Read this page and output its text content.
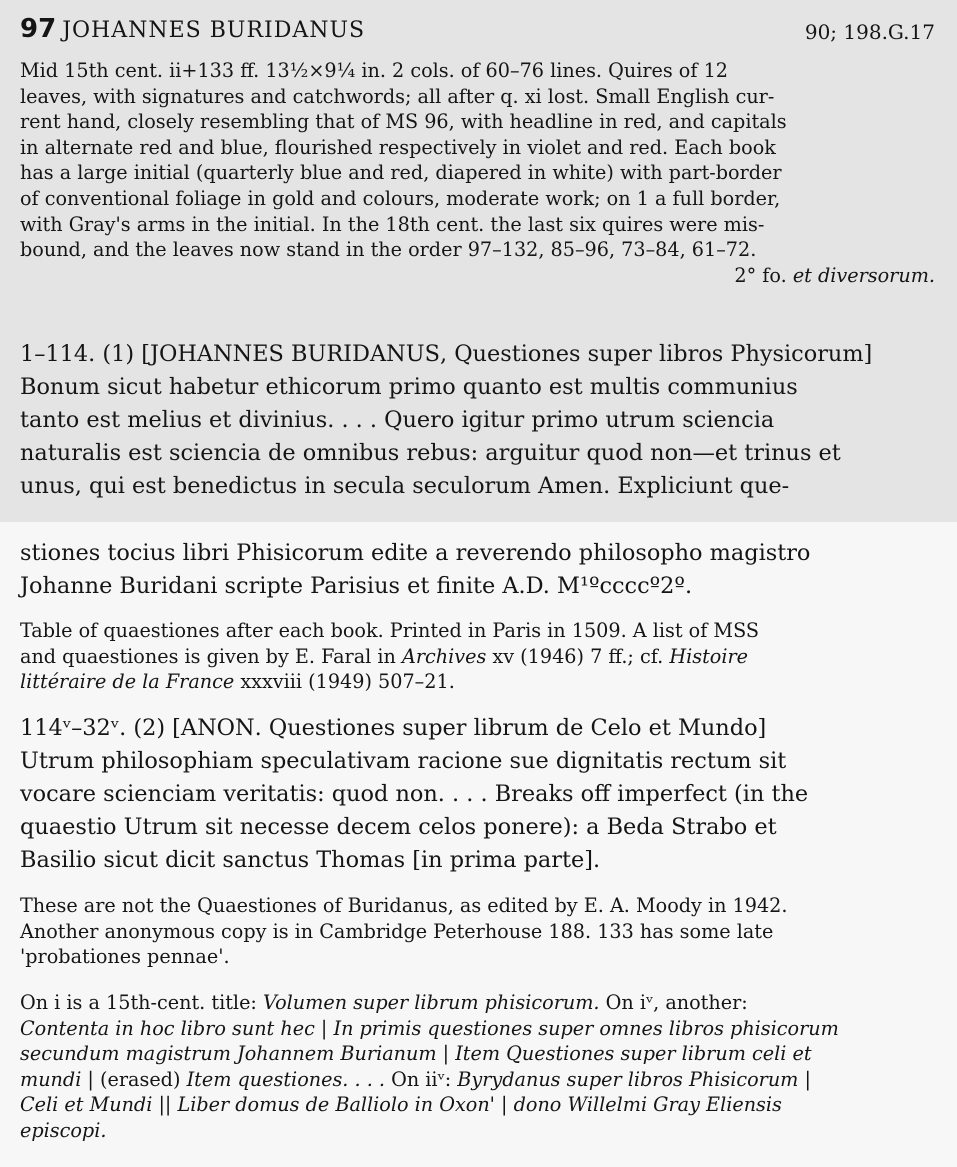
97 JOHANNES BURIDANUS	90; 198.G.17
Mid 15th cent. ii+133 ff. 13½×9¼ in. 2 cols. of 60–76 lines. Quires of 12
leaves, with signatures and catchwords; all after q. xi lost. Small English cur-
rent hand, closely resembling that of MS 96, with headline in red, and capitals
in alternate red and blue, flourished respectively in violet and red. Each book
has a large initial (quarterly blue and red, diapered in white) with part-border
of conventional foliage in gold and colours, moderate work; on 1 a full border,
with Gray's arms in the initial. In the 18th cent. the last six quires were mis-
bound, and the leaves now stand in the order 97–132, 85–96, 73–84, 61–72.
2° fo. et diversorum.
1–114. (1) [JOHANNES BURIDANUS, Questiones super libros Physicorum]
Bonum sicut habetur ethicorum primo quanto est multis communius
tanto est melius et divinius. . . . Quero igitur primo utrum sciencia
naturalis est sciencia de omnibus rebus: arguitur quod non—et trinus et
unus, qui est benedictus in secula seculorum Amen. Expliciunt que-
stiones tocius libri Phisicorum edite a reverendo philosopho magistro
Johanne Buridani scripte Parisius et finite A.D. M¹ºccccº2º.
Table of quaestiones after each book. Printed in Paris in 1509. A list of MSS
and quaestiones is given by E. Faral in Archives xv (1946) 7 ff.; cf. Histoire
littéraire de la France xxxviii (1949) 507–21.
114ᵛ–32ᵛ. (2) [ANON. Questiones super librum de Celo et Mundo]
Utrum philosophiam speculativam racione sue dignitatis rectum sit
vocare scienciam veritatis: quod non. . . . Breaks off imperfect (in the
quaestio Utrum sit necesse decem celos ponere): a Beda Strabo et
Basilio sicut dicit sanctus Thomas [in prima parte].
These are not the Quaestiones of Buridanus, as edited by E. A. Moody in 1942.
Another anonymous copy is in Cambridge Peterhouse 188. 133 has some late
'probationes pennae'.
On i is a 15th-cent. title: Volumen super librum phisicorum. On iᵛ, another:
Contenta in hoc libro sunt hec | In primis questiones super omnes libros phisicorum
secundum magistrum Johannem Burianum | Item Questiones super librum celi et
mundi | (erased) Item questiones. . . . On iiᵛ: Byrydanus super libros Phisicorum |
Celi et Mundi || Liber domus de Balliolo in Oxon' | dono Willelmi Gray Eliensis
episcopi.
